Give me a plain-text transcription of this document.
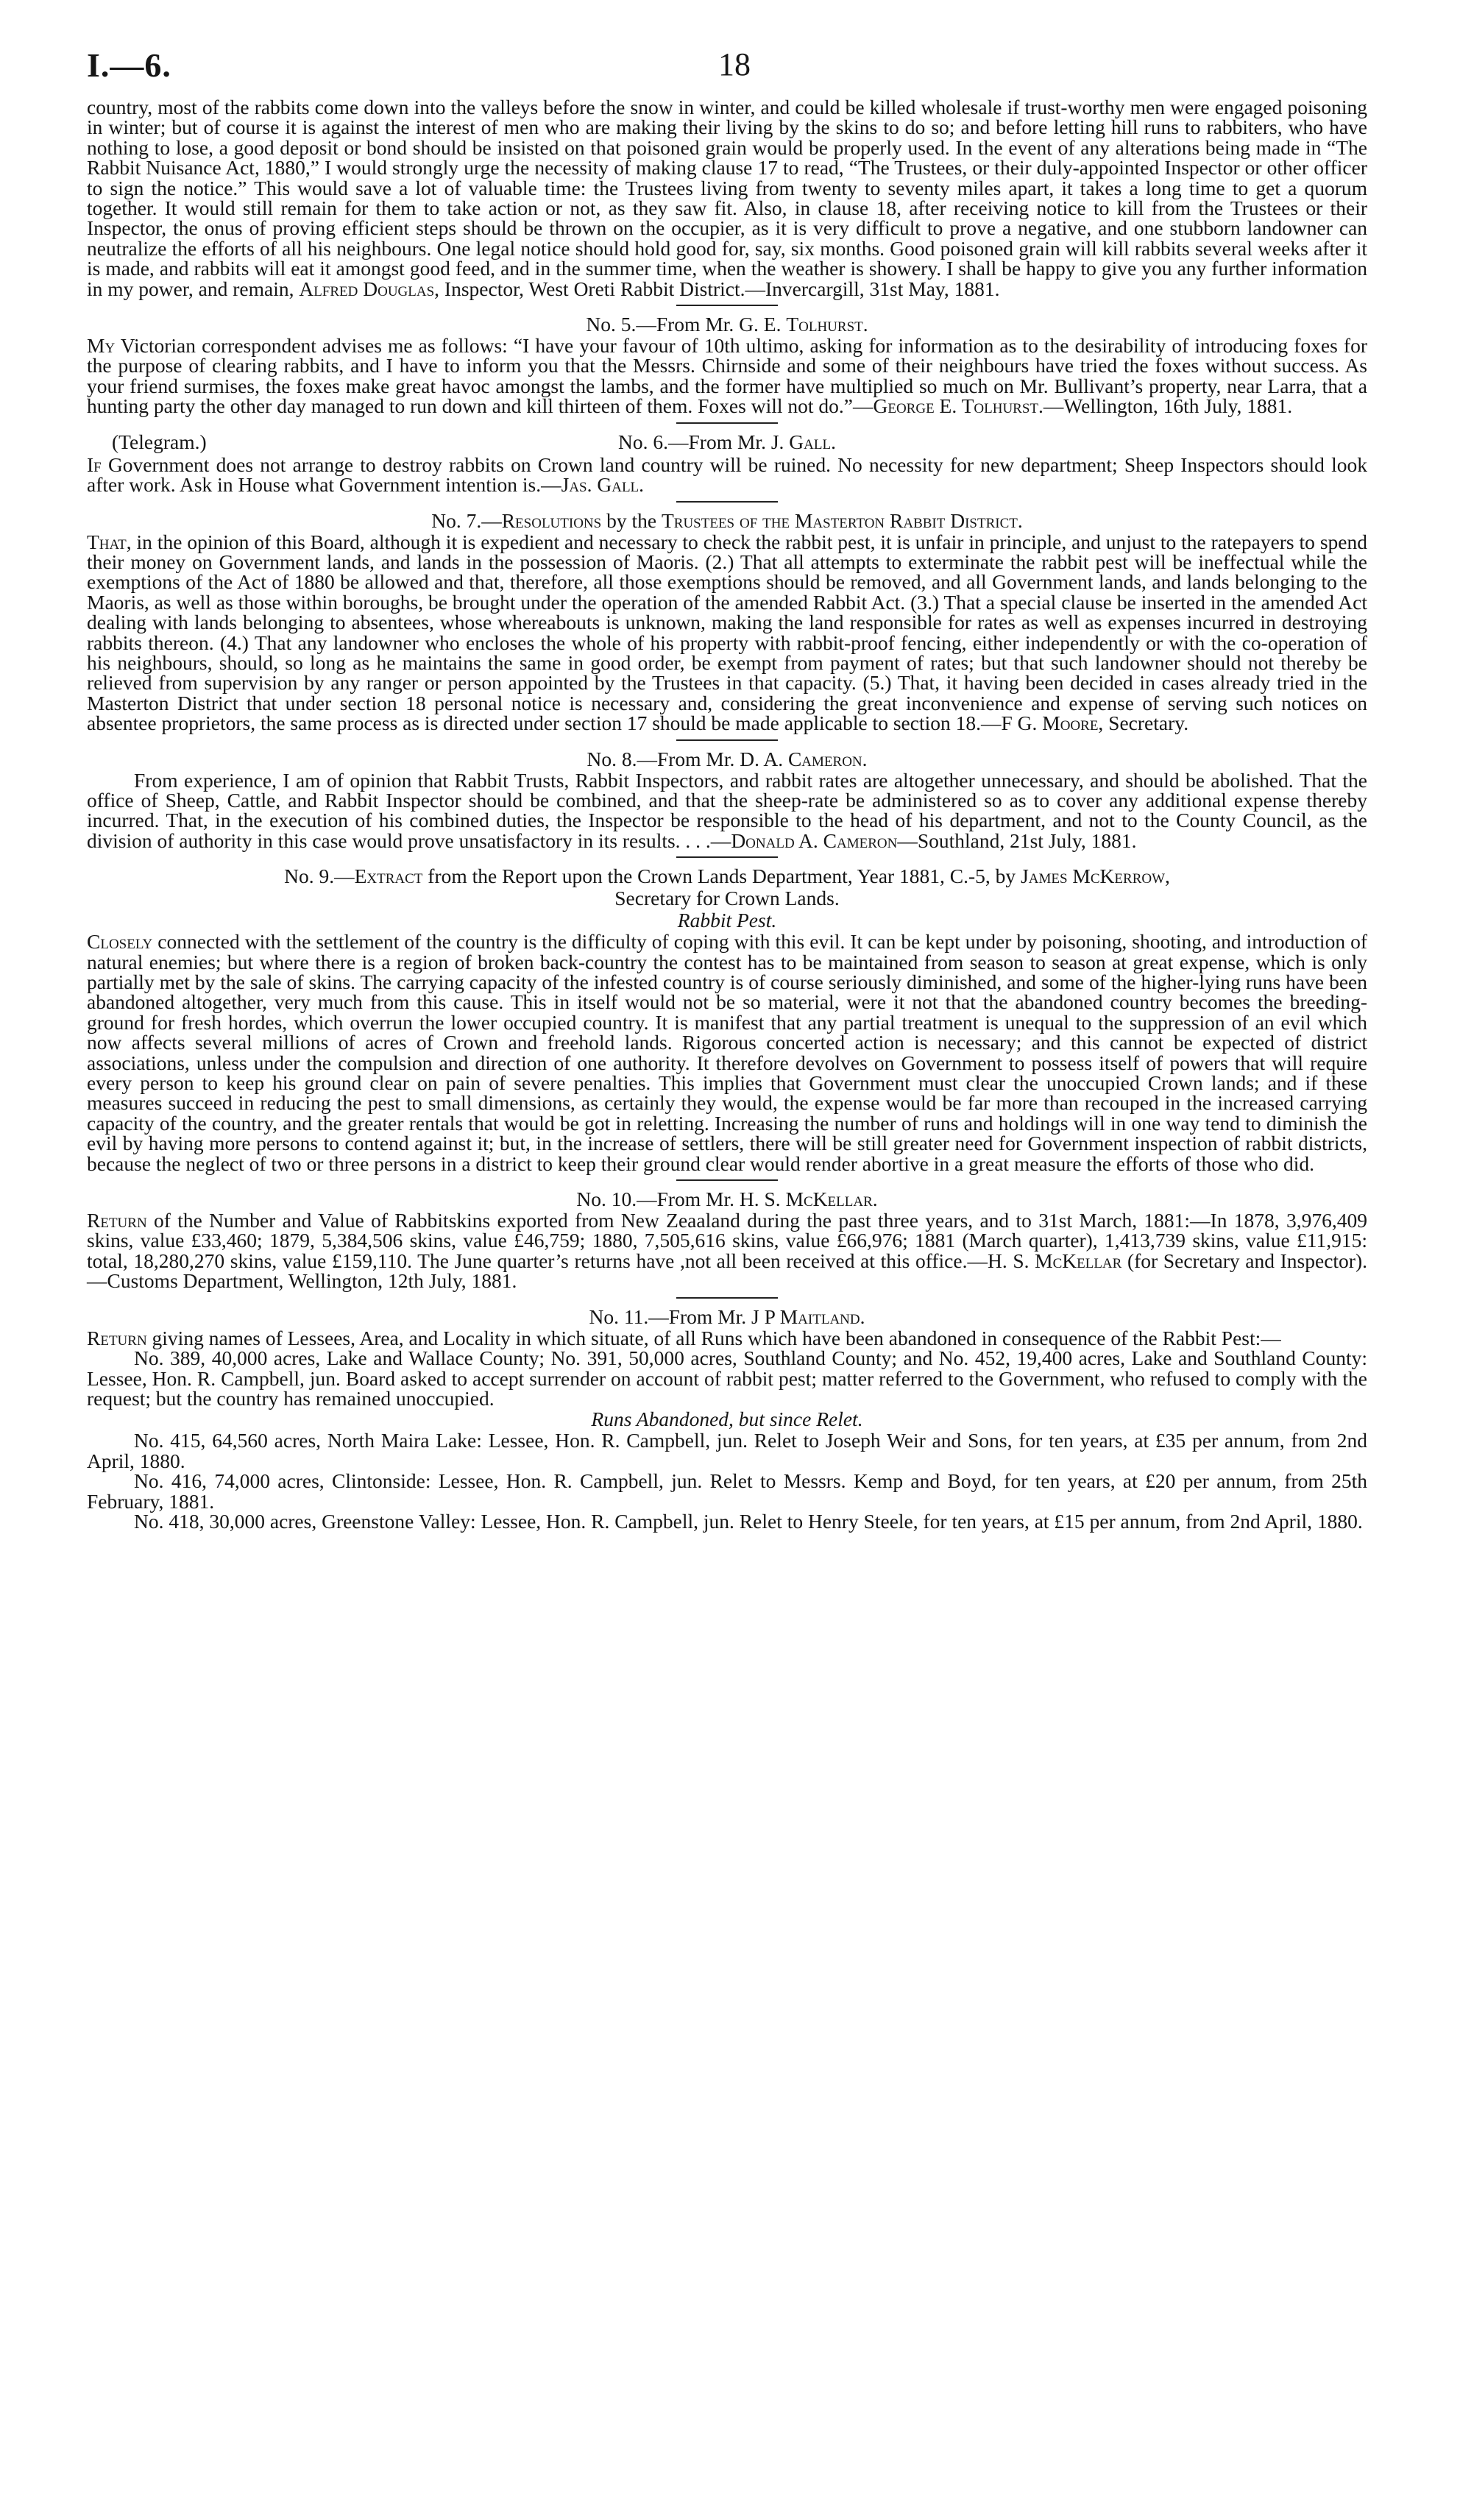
I.—6.	18

country, most of the rabbits come down into the valleys before the snow in winter, and could be killed wholesale if trust-worthy men were engaged poisoning in winter; but of course it is against the interest of men who are making their living by the skins to do so; and before letting hill runs to rabbiters, who have nothing to lose, a good deposit or bond should be insisted on that poisoned grain would be properly used. In the event of any alterations being made in “The Rabbit Nuisance Act, 1880,” I would strongly urge the necessity of making clause 17 to read, “The Trustees, or their duly-appointed Inspector or other officer to sign the notice.” This would save a lot of valuable time: the Trustees living from twenty to seventy miles apart, it takes a long time to get a quorum together. It would still remain for them to take action or not, as they saw fit. Also, in clause 18, after receiving notice to kill from the Trustees or their Inspector, the onus of proving efficient steps should be thrown on the occupier, as it is very difficult to prove a negative, and one stubborn landowner can neutralize the efforts of all his neighbours. One legal notice should hold good for, say, six months. Good poisoned grain will kill rabbits several weeks after it is made, and rabbits will eat it amongst good feed, and in the summer time, when the weather is showery. I shall be happy to give you any further information in my power, and remain, Alfred Douglas, Inspector, West Oreti Rabbit District.—Invercargill, 31st May, 1881.

No. 5.—From Mr. G. E. Tolhurst.

My Victorian correspondent advises me as follows: “I have your favour of 10th ultimo, asking for information as to the desirability of introducing foxes for the purpose of clearing rabbits, and I have to inform you that the Messrs. Chirnside and some of their neighbours have tried the foxes without success. As your friend surmises, the foxes make great havoc amongst the lambs, and the former have multiplied so much on Mr. Bullivant’s property, near Larra, that a hunting party the other day managed to run down and kill thirteen of them. Foxes will not do.”—George E. Tolhurst.—Wellington, 16th July, 1881.

(Telegram.)	No. 6.—From Mr. J. Gall.

If Government does not arrange to destroy rabbits on Crown land country will be ruined. No necessity for new department; Sheep Inspectors should look after work. Ask in House what Government intention is.—Jas. Gall.

No. 7.—Resolutions by the Trustees of the Masterton Rabbit District.

That, in the opinion of this Board, although it is expedient and necessary to check the rabbit pest, it is unfair in principle, and unjust to the ratepayers to spend their money on Government lands, and lands in the possession of Maoris. (2.) That all attempts to exterminate the rabbit pest will be ineffectual while the exemptions of the Act of 1880 be allowed and that, therefore, all those exemptions should be removed, and all Government lands, and lands belonging to the Maoris, as well as those within boroughs, be brought under the operation of the amended Rabbit Act. (3.) That a special clause be inserted in the amended Act dealing with lands belonging to absentees, whose whereabouts is unknown, making the land responsible for rates as well as expenses incurred in destroying rabbits thereon. (4.) That any landowner who encloses the whole of his property with rabbit-proof fencing, either independently or with the co-operation of his neighbours, should, so long as he maintains the same in good order, be exempt from payment of rates; but that such landowner should not thereby be relieved from supervision by any ranger or person appointed by the Trustees in that capacity. (5.) That, it having been decided in cases already tried in the Masterton District that under section 18 personal notice is necessary and, considering the great inconvenience and expense of serving such notices on absentee proprietors, the same process as is directed under section 17 should be made applicable to section 18.—F G. Moore, Secretary.

No. 8.—From Mr. D. A. Cameron.

From experience, I am of opinion that Rabbit Trusts, Rabbit Inspectors, and rabbit rates are altogether unnecessary, and should be abolished. That the office of Sheep, Cattle, and Rabbit Inspector should be combined, and that the sheep-rate be administered so as to cover any additional expense thereby incurred. That, in the execution of his combined duties, the Inspector be responsible to the head of his department, and not to the County Council, as the division of authority in this case would prove unsatisfactory in its results. . . .—Donald A. Cameron—Southland, 21st July, 1881.

No. 9.—Extract from the Report upon the Crown Lands Department, Year 1881, C.-5, by James McKerrow,

Secretary for Crown Lands.

Rabbit Pest.

Closely connected with the settlement of the country is the difficulty of coping with this evil. It can be kept under by poisoning, shooting, and introduction of natural enemies; but where there is a region of broken back-country the contest has to be maintained from season to season at great expense, which is only partially met by the sale of skins. The carrying capacity of the infested country is of course seriously diminished, and some of the higher-lying runs have been abandoned altogether, very much from this cause. This in itself would not be so material, were it not that the abandoned country becomes the breeding-ground for fresh hordes, which overrun the lower occupied country. It is manifest that any partial treatment is unequal to the suppression of an evil which now affects several millions of acres of Crown and freehold lands. Rigorous concerted action is necessary; and this cannot be expected of district associations, unless under the compulsion and direction of one authority. It therefore devolves on Government to possess itself of powers that will require every person to keep his ground clear on pain of severe penalties. This implies that Government must clear the unoccupied Crown lands; and if these measures succeed in reducing the pest to small dimensions, as certainly they would, the expense would be far more than recouped in the increased carrying capacity of the country, and the greater rentals that would be got in reletting. Increasing the number of runs and holdings will in one way tend to diminish the evil by having more persons to contend against it; but, in the increase of settlers, there will be still greater need for Government inspection of rabbit districts, because the neglect of two or three persons in a district to keep their ground clear would render abortive in a great measure the efforts of those who did.

No. 10.—From Mr. H. S. McKellar.

Return of the Number and Value of Rabbitskins exported from New Zeaaland during the past three years, and to 31st March, 1881:—In 1878, 3,976,409 skins, value £33,460; 1879, 5,384,506 skins, value £46,759; 1880, 7,505,616 skins, value £66,976; 1881 (March quarter), 1,413,739 skins, value £11,915: total, 18,280,270 skins, value £159,110. The June quarter’s returns have ,not all been received at this office.—H. S. McKellar (for Secretary and Inspector).—Customs Department, Wellington, 12th July, 1881.

No. 11.—From Mr. J P Maitland.

Return giving names of Lessees, Area, and Locality in which situate, of all Runs which have been abandoned in consequence of the Rabbit Pest:—

No. 389, 40,000 acres, Lake and Wallace County; No. 391, 50,000 acres, Southland County; and No. 452, 19,400 acres, Lake and Southland County: Lessee, Hon. R. Campbell, jun. Board asked to accept surrender on account of rabbit pest; matter referred to the Government, who refused to comply with the request; but the country has remained unoccupied.

Runs Abandoned, but since Relet.

No. 415, 64,560 acres, North Maira Lake: Lessee, Hon. R. Campbell, jun. Relet to Joseph Weir and Sons, for ten years, at £35 per annum, from 2nd April, 1880.

No. 416, 74,000 acres, Clintonside: Lessee, Hon. R. Campbell, jun. Relet to Messrs. Kemp and Boyd, for ten years, at £20 per annum, from 25th February, 1881.

No. 418, 30,000 acres, Greenstone Valley: Lessee, Hon. R. Campbell, jun. Relet to Henry Steele, for ten years, at £15 per annum, from 2nd April, 1880.
